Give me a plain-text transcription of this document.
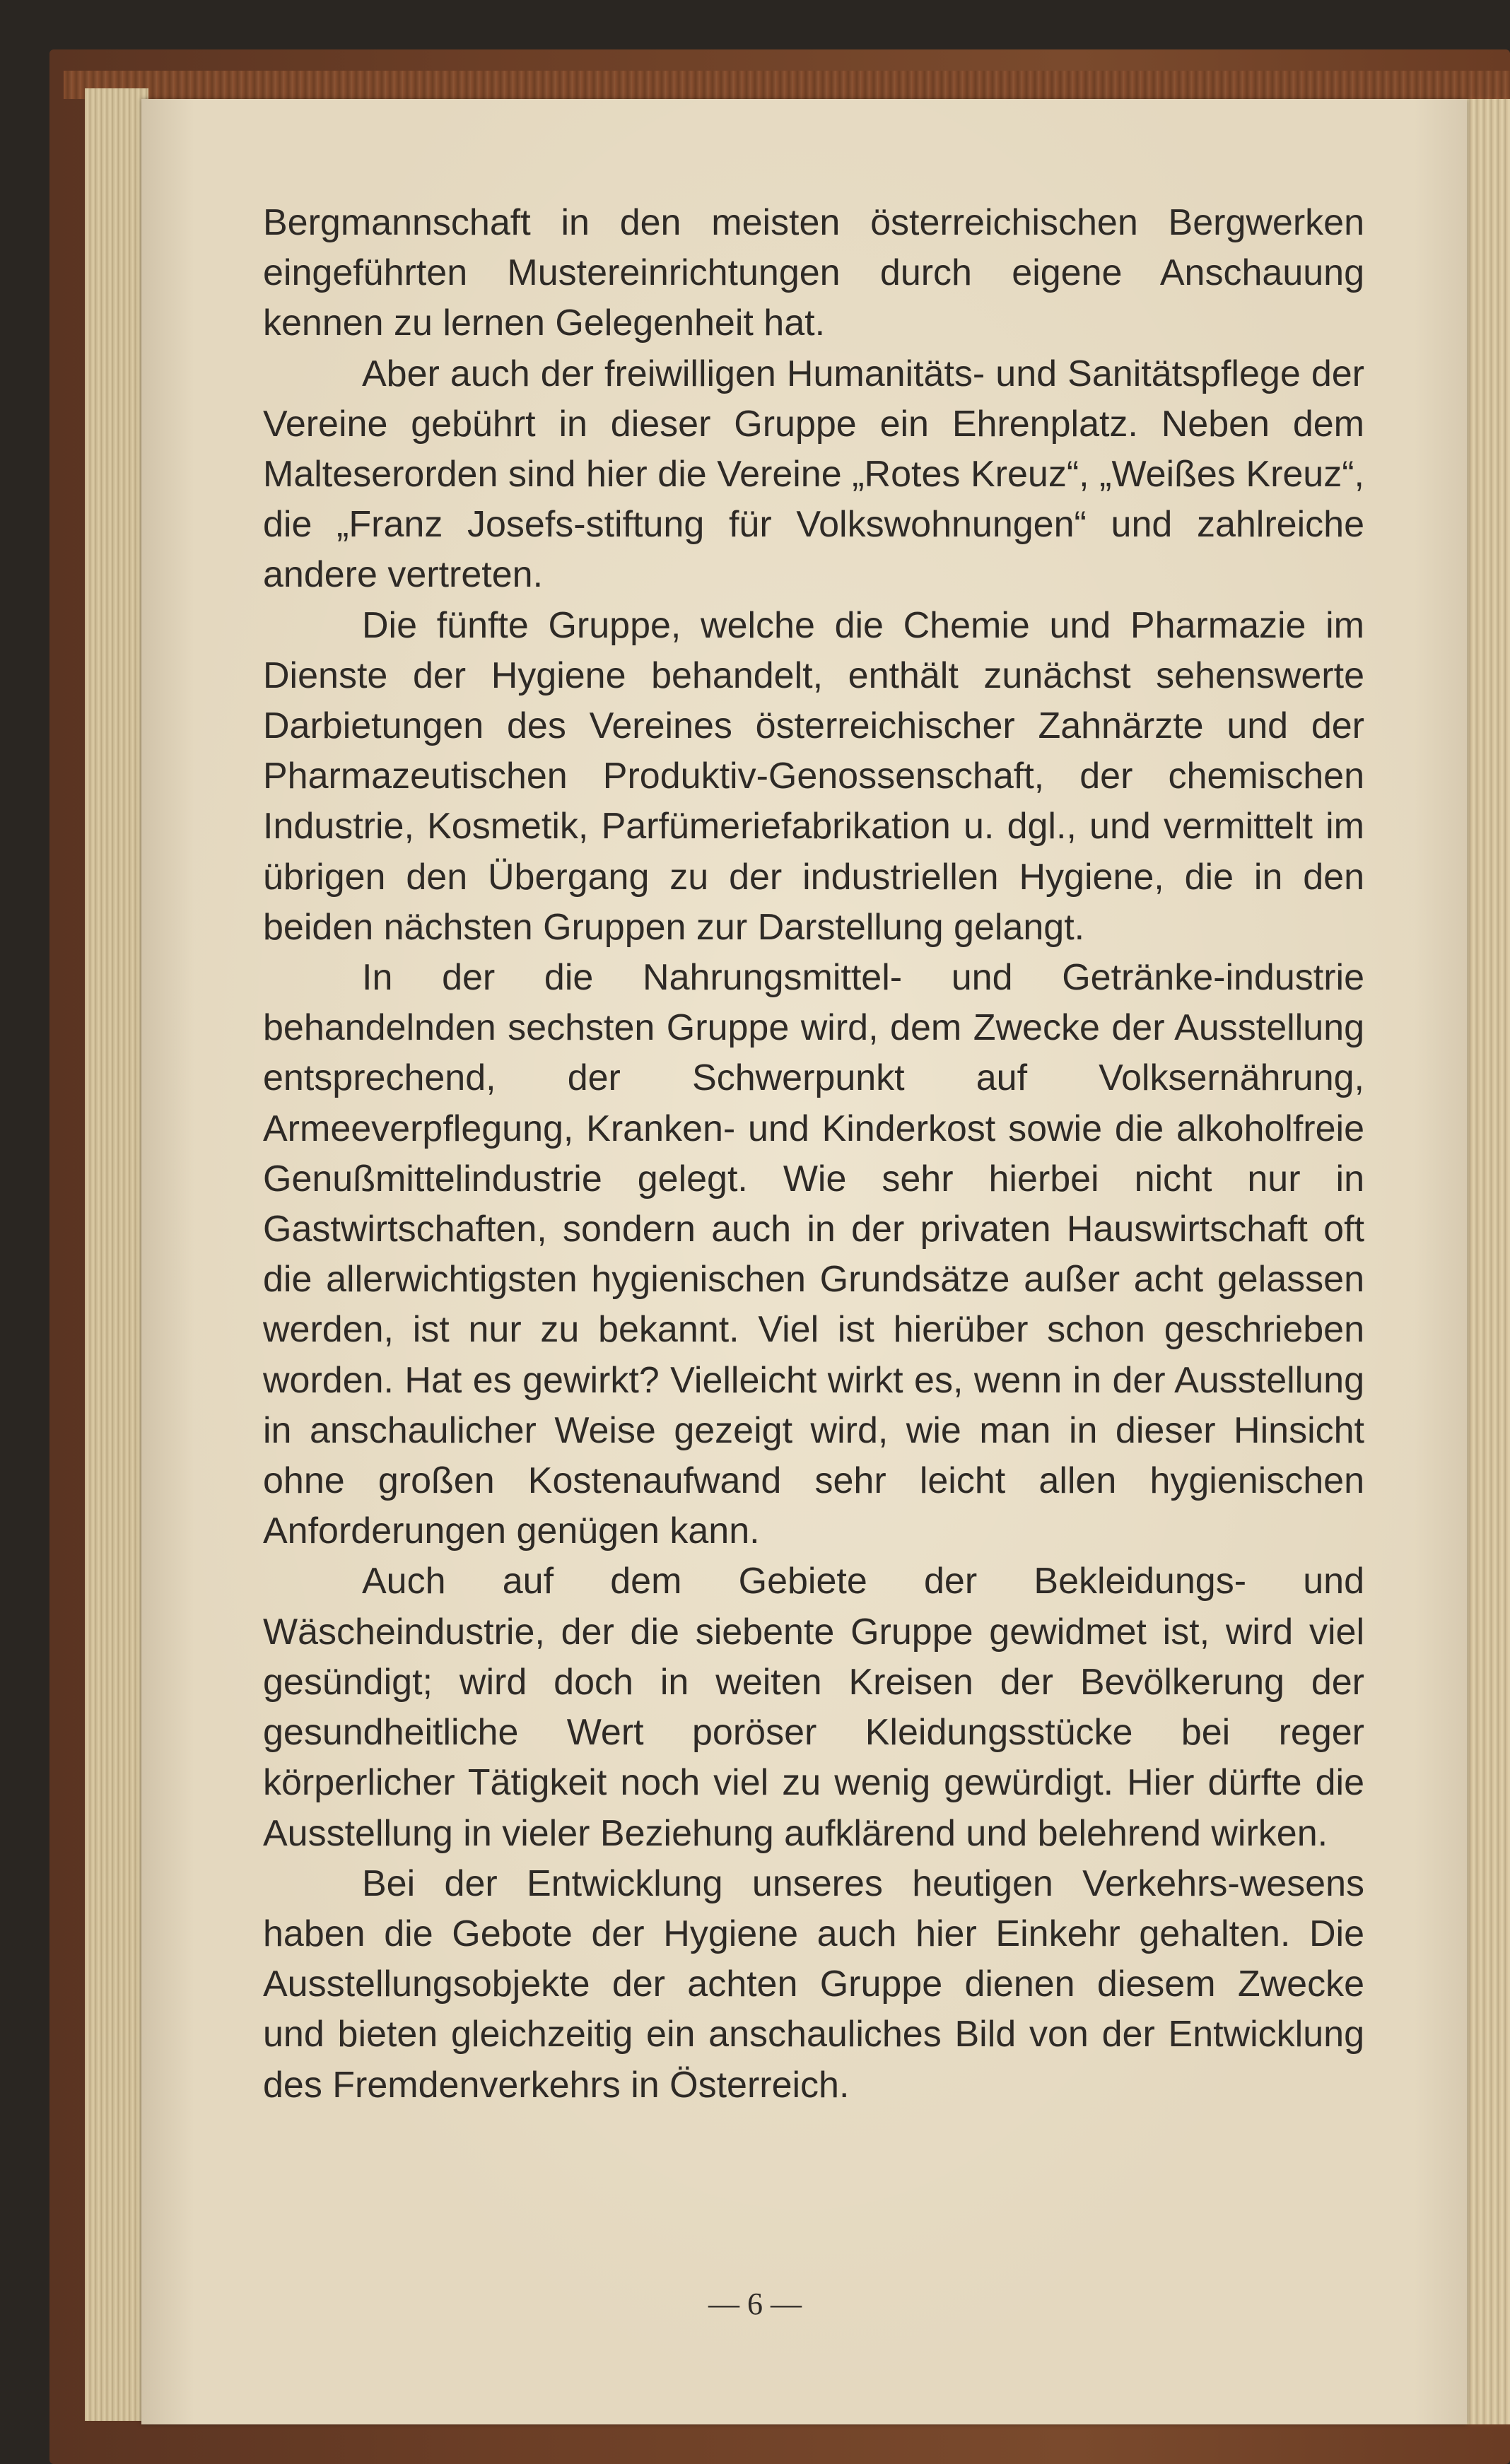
Bergmannschaft in den meisten österreichischen Bergwerken eingeführten Mustereinrichtungen durch eigene Anschauung kennen zu lernen Gelegenheit hat.

Aber auch der freiwilligen Humanitäts- und Sanitätspflege der Vereine gebührt in dieser Gruppe ein Ehrenplatz. Neben dem Malteserorden sind hier die Vereine „Rotes Kreuz“, „Weißes Kreuz“, die „Franz Josefs-stiftung für Volkswohnungen“ und zahlreiche andere vertreten.

Die fünfte Gruppe, welche die Chemie und Pharmazie im Dienste der Hygiene behandelt, enthält zunächst sehenswerte Darbietungen des Vereines österreichischer Zahnärzte und der Pharmazeutischen Produktiv-Genossenschaft, der chemischen Industrie, Kosmetik, Parfümeriefabrikation u. dgl., und vermittelt im übrigen den Übergang zu der industriellen Hygiene, die in den beiden nächsten Gruppen zur Darstellung gelangt.

In der die Nahrungsmittel- und Getränke-industrie behandelnden sechsten Gruppe wird, dem Zwecke der Ausstellung entsprechend, der Schwerpunkt auf Volksernährung, Armeeverpflegung, Kranken- und Kinderkost sowie die alkoholfreie Genußmittelindustrie gelegt. Wie sehr hierbei nicht nur in Gastwirtschaften, sondern auch in der privaten Hauswirtschaft oft die allerwichtigsten hygienischen Grundsätze außer acht gelassen werden, ist nur zu bekannt. Viel ist hierüber schon geschrieben worden. Hat es gewirkt? Vielleicht wirkt es, wenn in der Ausstellung in anschaulicher Weise gezeigt wird, wie man in dieser Hinsicht ohne großen Kostenaufwand sehr leicht allen hygienischen Anforderungen genügen kann.

Auch auf dem Gebiete der Bekleidungs- und Wäscheindustrie, der die siebente Gruppe gewidmet ist, wird viel gesündigt; wird doch in weiten Kreisen der Bevölkerung der gesundheitliche Wert poröser Kleidungsstücke bei reger körperlicher Tätigkeit noch viel zu wenig gewürdigt. Hier dürfte die Ausstellung in vieler Beziehung aufklärend und belehrend wirken.

Bei der Entwicklung unseres heutigen Verkehrs-wesens haben die Gebote der Hygiene auch hier Einkehr gehalten. Die Ausstellungsobjekte der achten Gruppe dienen diesem Zwecke und bieten gleichzeitig ein anschauliches Bild von der Entwicklung des Fremdenverkehrs in Österreich.

— 6 —
